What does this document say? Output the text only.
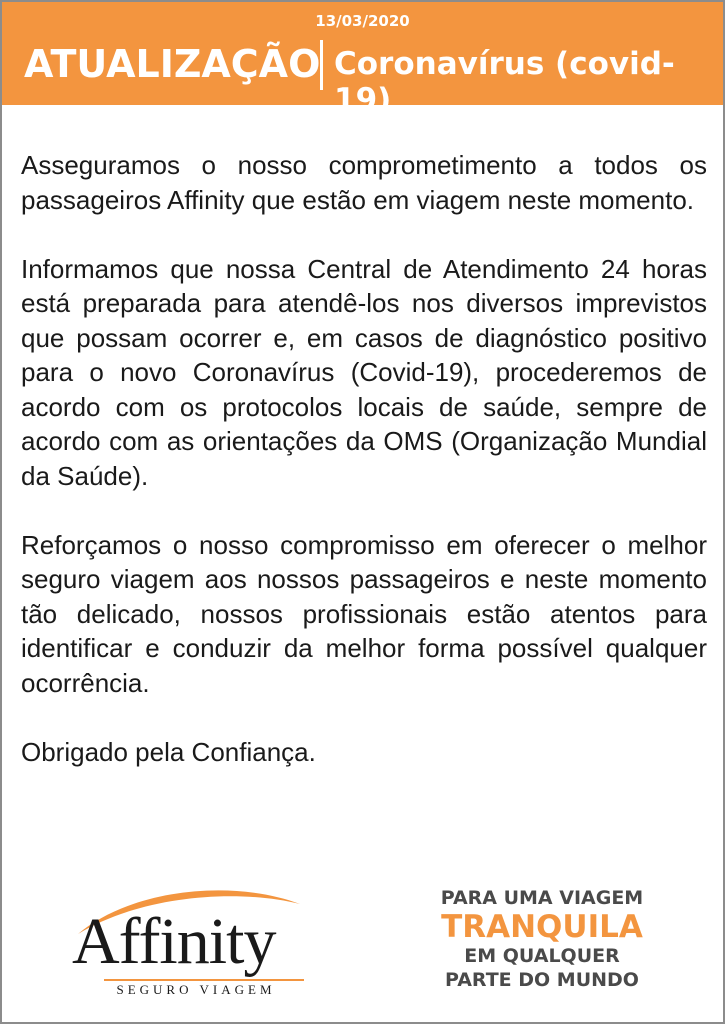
13/03/2020
ATUALIZAÇÃO Coronavírus (covid-19)

Asseguramos o nosso comprometimento a todos os passageiros Affinity que estão em viagem neste momento.

Informamos que nossa Central de Atendimento 24 horas está preparada para atendê-los nos diversos imprevistos que possam ocorrer e, em casos de diagnóstico positivo para o novo Coronavírus (Covid-19), procederemos de acordo com os protocolos locais de saúde, sempre de acordo com as orientações da OMS (Organização Mundial da Saúde).

Reforçamos o nosso compromisso em oferecer o melhor seguro viagem aos nossos passageiros e neste momento tão delicado, nossos profissionais estão atentos para identificar e conduzir da melhor forma possível qualquer ocorrência.

Obrigado pela Confiança.

Affinity
SEGURO VIAGEM
PARA UMA VIAGEM
TRANQUILA
EM QUALQUER
PARTE DO MUNDO
